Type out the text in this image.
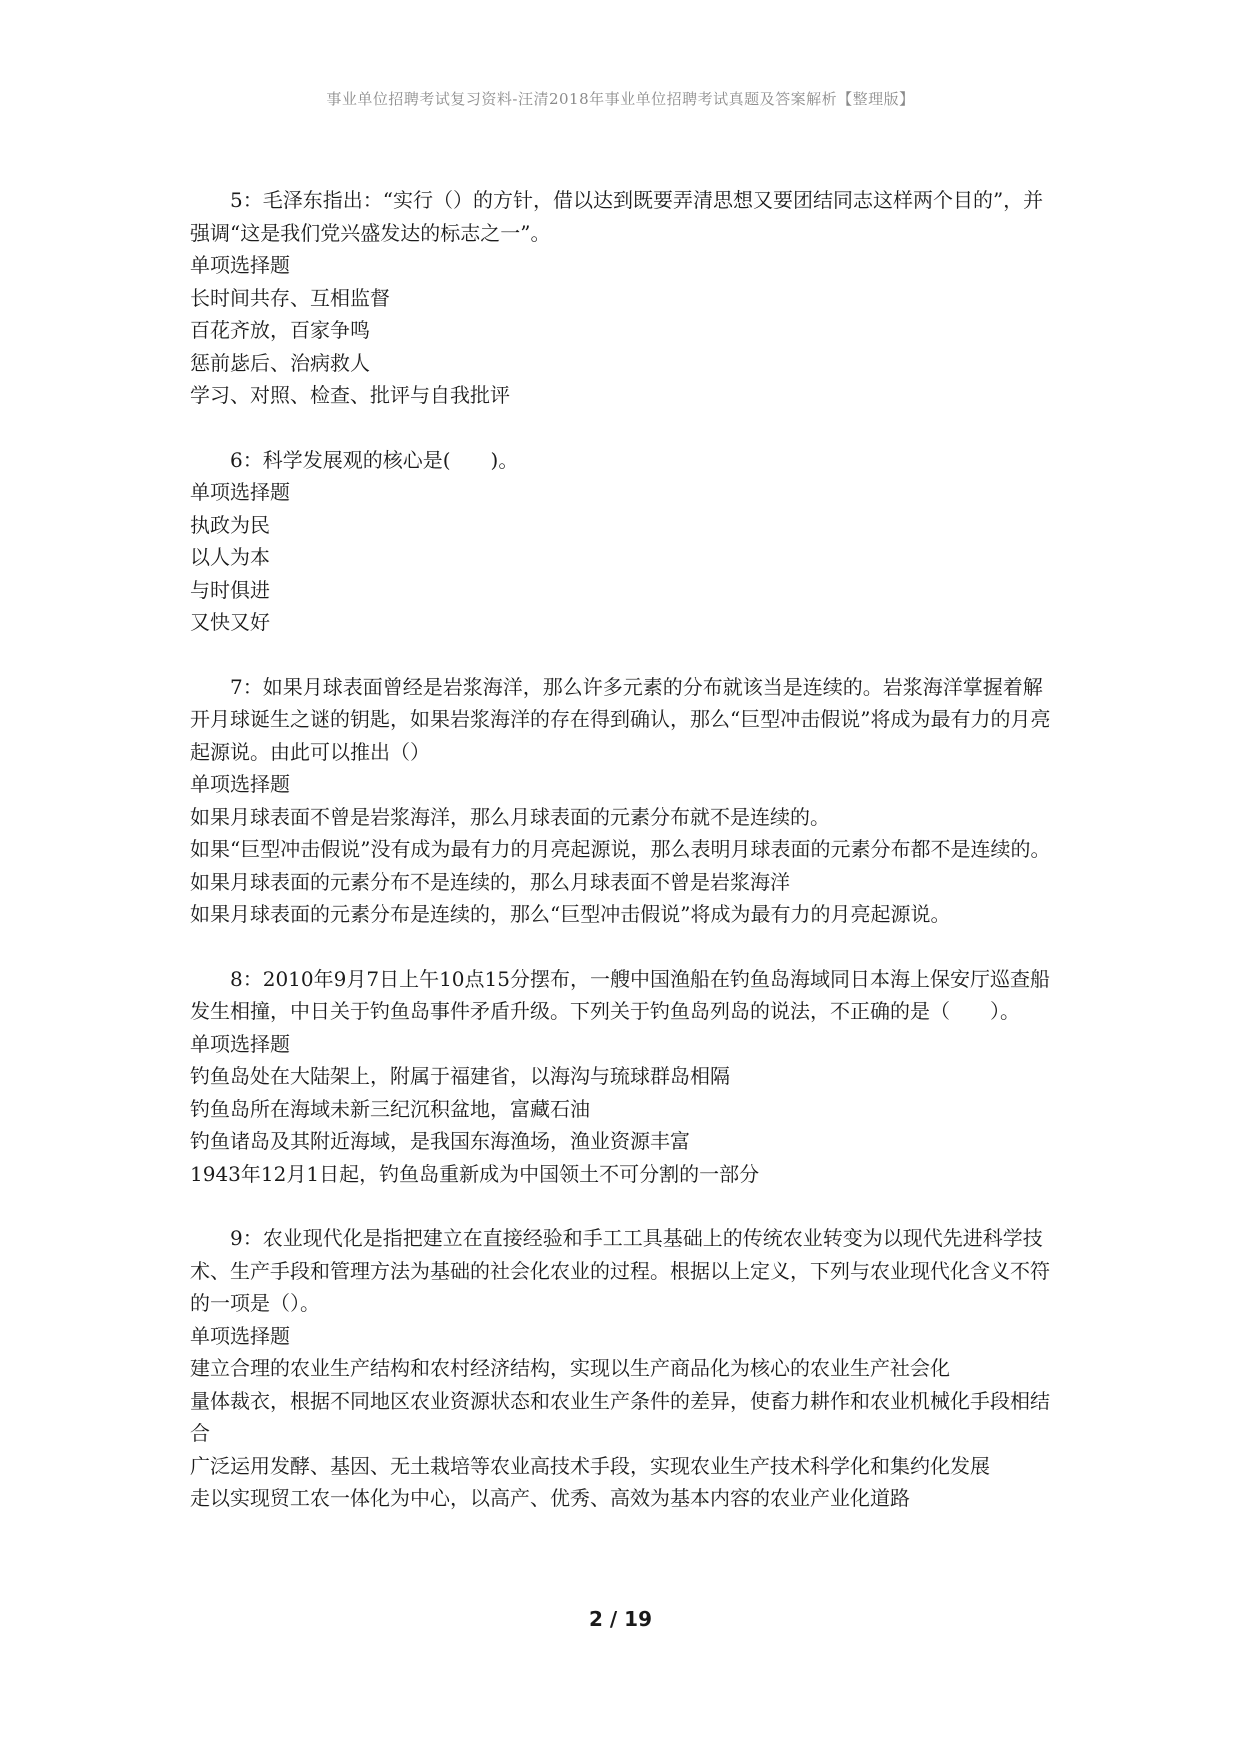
事业单位招聘考试复习资料-汪清2018年事业单位招聘考试真题及答案解析【整理版】

5：毛泽东指出：“实行（）的方针，借以达到既要弄清思想又要团结同志这样两个目的”，并强调“这是我们党兴盛发达的标志之一”。

单项选择题

长时间共存、互相监督

百花齐放，百家争鸣

惩前毖后、治病救人

学习、对照、检查、批评与自我批评

6：科学发展观的核心是(　　)。

单项选择题

执政为民

以人为本

与时俱进

又快又好

7：如果月球表面曾经是岩浆海洋，那么许多元素的分布就该当是连续的。岩浆海洋掌握着解开月球诞生之谜的钥匙，如果岩浆海洋的存在得到确认，那么“巨型冲击假说”将成为最有力的月亮起源说。由此可以推出（）

单项选择题

如果月球表面不曾是岩浆海洋，那么月球表面的元素分布就不是连续的。

如果“巨型冲击假说”没有成为最有力的月亮起源说，那么表明月球表面的元素分布都不是连续的。

如果月球表面的元素分布不是连续的，那么月球表面不曾是岩浆海洋

如果月球表面的元素分布是连续的，那么“巨型冲击假说”将成为最有力的月亮起源说。

8：2010年9月7日上午10点15分摆布，一艘中国渔船在钓鱼岛海域同日本海上保安厅巡查船发生相撞，中日关于钓鱼岛事件矛盾升级。下列关于钓鱼岛列岛的说法，不正确的是（　　）。

单项选择题

钓鱼岛处在大陆架上，附属于福建省，以海沟与琉球群岛相隔

钓鱼岛所在海域未新三纪沉积盆地，富藏石油

钓鱼诸岛及其附近海域，是我国东海渔场，渔业资源丰富

1943年12月1日起，钓鱼岛重新成为中国领土不可分割的一部分

9：农业现代化是指把建立在直接经验和手工工具基础上的传统农业转变为以现代先进科学技术、生产手段和管理方法为基础的社会化农业的过程。根据以上定义，下列与农业现代化含义不符的一项是（）。

单项选择题

建立合理的农业生产结构和农村经济结构，实现以生产商品化为核心的农业生产社会化

量体裁衣，根据不同地区农业资源状态和农业生产条件的差异，使畜力耕作和农业机械化手段相结合

广泛运用发酵、基因、无土栽培等农业高技术手段，实现农业生产技术科学化和集约化发展

走以实现贸工农一体化为中心，以高产、优秀、高效为基本内容的农业产业化道路

2 / 19
